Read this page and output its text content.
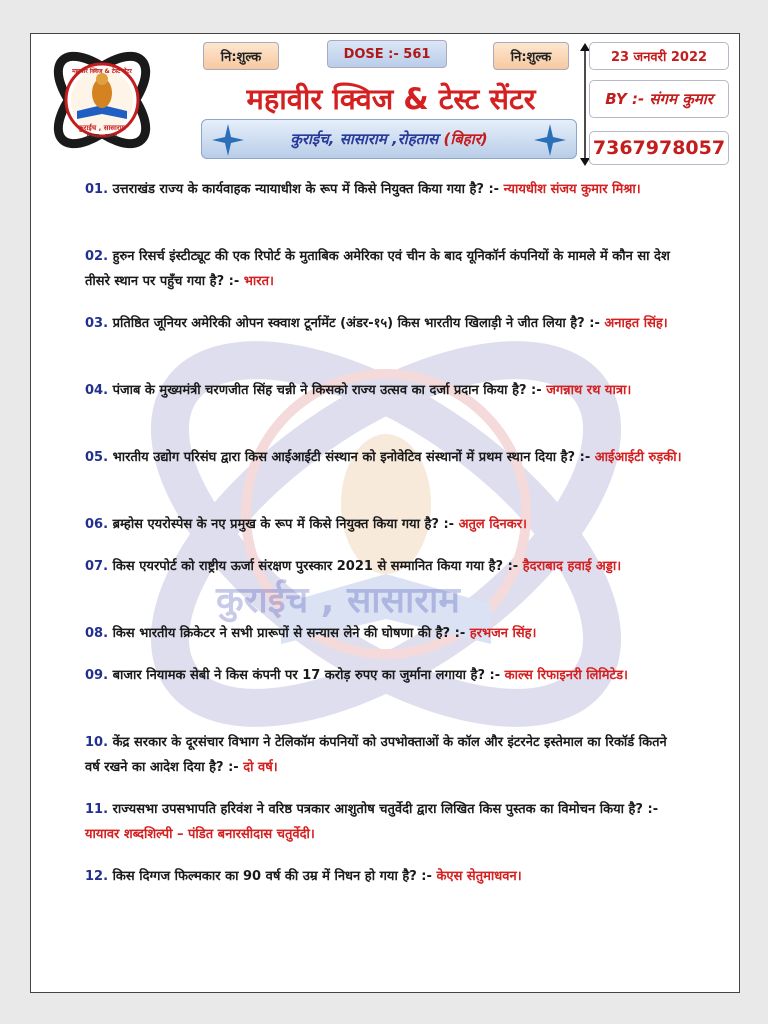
कुराईच , सासाराम
कुराईच , सासाराम
ESTD - 2008
महावीर क्विज & टेस्ट सेंटर
नि:शुल्क	DOSE :- 561	नि:शुल्क
महावीर क्विज & टेस्ट सेंटर
कुराईच, सासाराम ,रोहतास (बिहार)
23 जनवरी 2022
BY :-
संगम कुमार
7367978057
01. उत्तराखंड राज्य के कार्यवाहक न्यायाधीश के रूप में किसे नियुक्त किया गया है? :- न्यायधीश संजय कुमार मिश्रा।
02. हुरुन रिसर्च इंस्टीट्यूट की एक रिपोर्ट के मुताबिक अमेरिका एवं चीन के बाद यूनिकॉर्न कंपनियों के मामले में कौन सा देश तीसरे स्थान पर पहुँच गया है? :- भारत।
03. प्रतिष्ठित जूनियर अमेरिकी ओपन स्क्वाश टूर्नामेंट (अंडर-१५) किस भारतीय खिलाड़ी ने जीत लिया है? :- अनाहत सिंह।
04. पंजाब के मुख्यमंत्री चरणजीत सिंह चन्नी ने किसको राज्य उत्सव का दर्जा प्रदान किया है? :- जगन्नाथ रथ यात्रा।
05. भारतीय उद्योग परिसंघ द्वारा किस आईआईटी संस्थान को इनोवेटिव संस्थानों में प्रथम स्थान दिया है? :- आईआईटी रुड़की।
06. ब्रम्होस एयरोस्पेस के नए प्रमुख के रूप में किसे नियुक्त किया गया है? :- अतुल दिनकर।
07. किस एयरपोर्ट को राष्ट्रीय ऊर्जा संरक्षण पुरस्कार 2021 से सम्मानित किया गया है? :- हैदराबाद हवाई अड्डा।
08. किस भारतीय क्रिकेटर ने सभी प्रारूपों से सन्यास लेने की घोषणा की है? :- हरभजन सिंह।
09. बाजार नियामक सेबी ने किस कंपनी पर 17 करोड़ रुपए का जुर्माना लगाया है? :- काल्स रिफाइनरी लिमिटेड।
10. केंद्र सरकार के दूरसंचार विभाग ने टेलिकॉम कंपनियों को उपभोक्ताओं के कॉल और इंटरनेट इस्तेमाल का रिकॉर्ड कितने वर्ष रखने का आदेश दिया है? :- दो वर्ष।
11. राज्यसभा उपसभापति हरिवंश ने वरिष्ठ पत्रकार आशुतोष चतुर्वेदी द्वारा लिखित किस पुस्तक का विमोचन किया है? :- यायावर शब्दशिल्पी – पंडित बनारसीदास चतुर्वेदी।
12. किस दिग्गज फिल्मकार का 90 वर्ष की उम्र में निधन हो गया है? :- केएस सेतुमाधवन।
